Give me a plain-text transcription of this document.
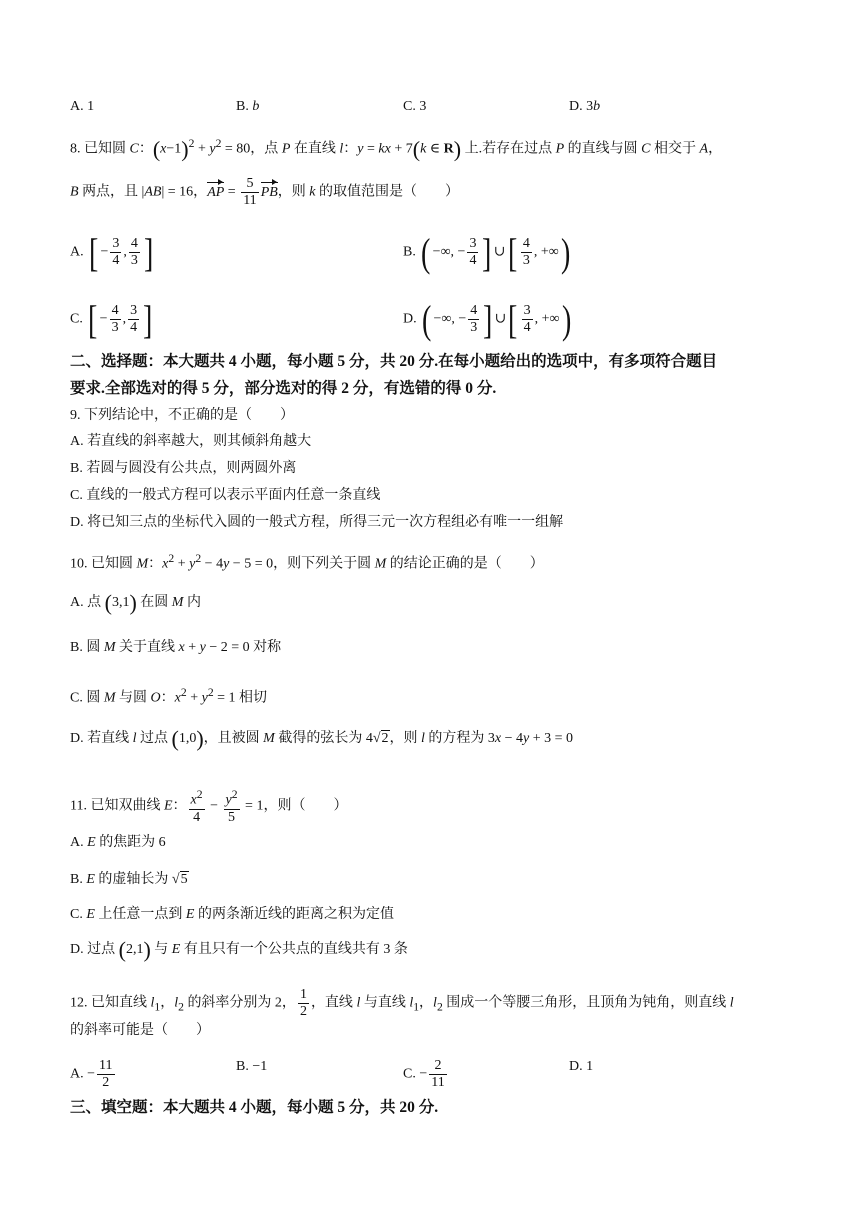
A. 1	B. b	C. 3	D. 3b
8. 已知圆 C：$(x-1)^2 + y^2 = 80$，点 P 在直线 l：y = kx + 7(k ∈ R) 上.若存在过点 P 的直线与圆 C 相交于 A，
B 两点，且 |AB| = 16，AP = $\frac{5}{11}$ PB，则 k 的取值范围是（　　）
A. [ − $\frac{3}{4}$ , $\frac{4}{3}$ ]	B. ( −∞, − $\frac{3}{4}$ ] ∪[ $\frac{4}{3}$ , +∞)
C. [ − $\frac{4}{3}$ , $\frac{3}{4}$ ]	D. ( −∞, − $\frac{4}{3}$ ] ∪[ $\frac{3}{4}$ , +∞)
二、选择题：本大题共 4 小题，每小题 5 分，共 20 分.在每小题给出的选项中，有多项符合题目
要求.全部选对的得 5 分，部分选对的得 2 分，有选错的得 0 分.
9. 下列结论中，不正确的是（　　）
A. 若直线的斜率越大，则其倾斜角越大
B. 若圆与圆没有公共点，则两圆外离
C. 直线的一般式方程可以表示平面内任意一条直线
D. 将已知三点的坐标代入圆的一般式方程，所得三元一次方程组必有唯一一组解
10. 已知圆 M：$x^2 + y^2 - 4y - 5 = 0$，则下列关于圆 M 的结论正确的是（　　）
A. 点 (3,1) 在圆 M 内
B. 圆 M 关于直线 x + y − 2 = 0 对称
C. 圆 M 与圆 O：$x^2 + y^2 = 1$ 相切
D. 若直线 l 过点 (1,0)，且被圆 M 截得的弦长为 4√2，则 l 的方程为 3x − 4y + 3 = 0
11. 已知双曲线 E： $\frac{x^2}{4} - \frac{y^2}{5} = 1$，则（　　）
A. E 的焦距为 6
B. E 的虚轴长为 √5
C. E 上任意一点到 E 的两条渐近线的距离之积为定值
D. 过点 (2,1) 与 E 有且只有一个公共点的直线共有 3 条
12. 已知直线 $l_1$，$l_2$ 的斜率分别为 2， $\frac{1}{2}$ ，直线 l 与直线 $l_1$，$l_2$ 围成一个等腰三角形，且顶角为钝角，则直线 l
的斜率可能是（　　）
A. − $\frac{11}{2}$	B. −1
C. − $\frac{2}{11}$	D. 1
三、填空题：本大题共 4 小题，每小题 5 分，共 20 分.
